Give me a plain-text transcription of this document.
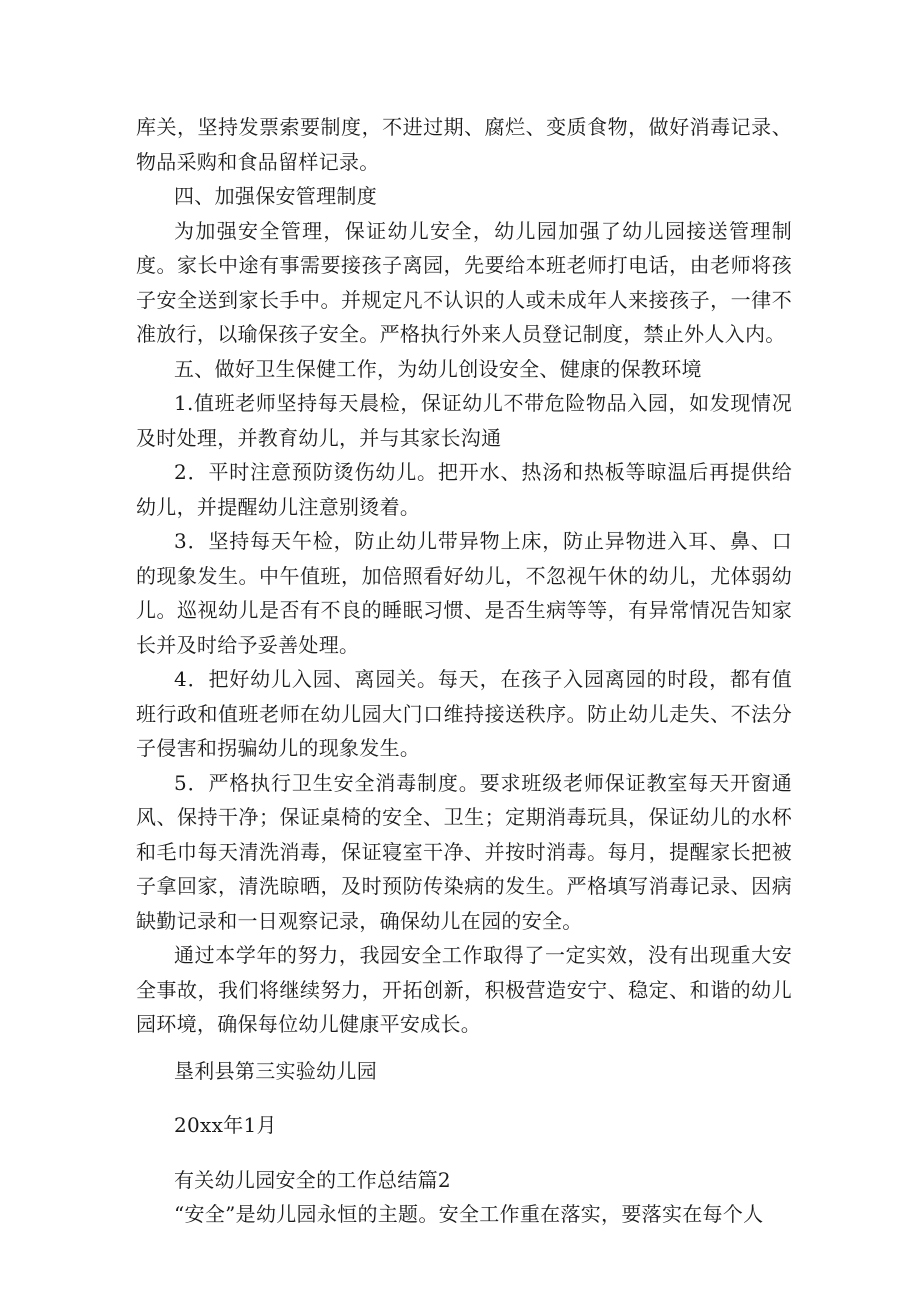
库关，坚持发票索要制度，不进过期、腐烂、变质食物，做好消毒记录、物品采购和食品留样记录。

四、加强保安管理制度

为加强安全管理，保证幼儿安全，幼儿园加强了幼儿园接送管理制度。家长中途有事需要接孩子离园，先要给本班老师打电话，由老师将孩子安全送到家长手中。并规定凡不认识的人或未成年人来接孩子，一律不准放行，以瑜保孩子安全。严格执行外来人员登记制度，禁止外人入内。

五、做好卫生保健工作，为幼儿创设安全、健康的保教环境

1.值班老师坚持每天晨检，保证幼儿不带危险物品入园，如发现情况及时处理，并教育幼儿，并与其家长沟通

2．平时注意预防烫伤幼儿。把开水、热汤和热板等晾温后再提供给幼儿，并提醒幼儿注意别烫着。

3．坚持每天午检，防止幼儿带异物上床，防止异物进入耳、鼻、口的现象发生。中午值班，加倍照看好幼儿，不忽视午休的幼儿，尤体弱幼儿。巡视幼儿是否有不良的睡眠习惯、是否生病等等，有异常情况告知家长并及时给予妥善处理。

4．把好幼儿入园、离园关。每天，在孩子入园离园的时段，都有值班行政和值班老师在幼儿园大门口维持接送秩序。防止幼儿走失、不法分子侵害和拐骗幼儿的现象发生。

5．严格执行卫生安全消毒制度。要求班级老师保证教室每天开窗通风、保持干净；保证桌椅的安全、卫生；定期消毒玩具，保证幼儿的水杯和毛巾每天清洗消毒，保证寝室干净、并按时消毒。每月，提醒家长把被子拿回家，清洗晾晒，及时预防传染病的发生。严格填写消毒记录、因病缺勤记录和一日观察记录，确保幼儿在园的安全。

通过本学年的努力，我园安全工作取得了一定实效，没有出现重大安全事故，我们将继续努力，开拓创新，积极营造安宁、稳定、和谐的幼儿园环境，确保每位幼儿健康平安成长。

垦利县第三实验幼儿园

20xx年1月

有关幼儿园安全的工作总结篇2

“安全”是幼儿园永恒的主题。安全工作重在落实，要落实在每个人
